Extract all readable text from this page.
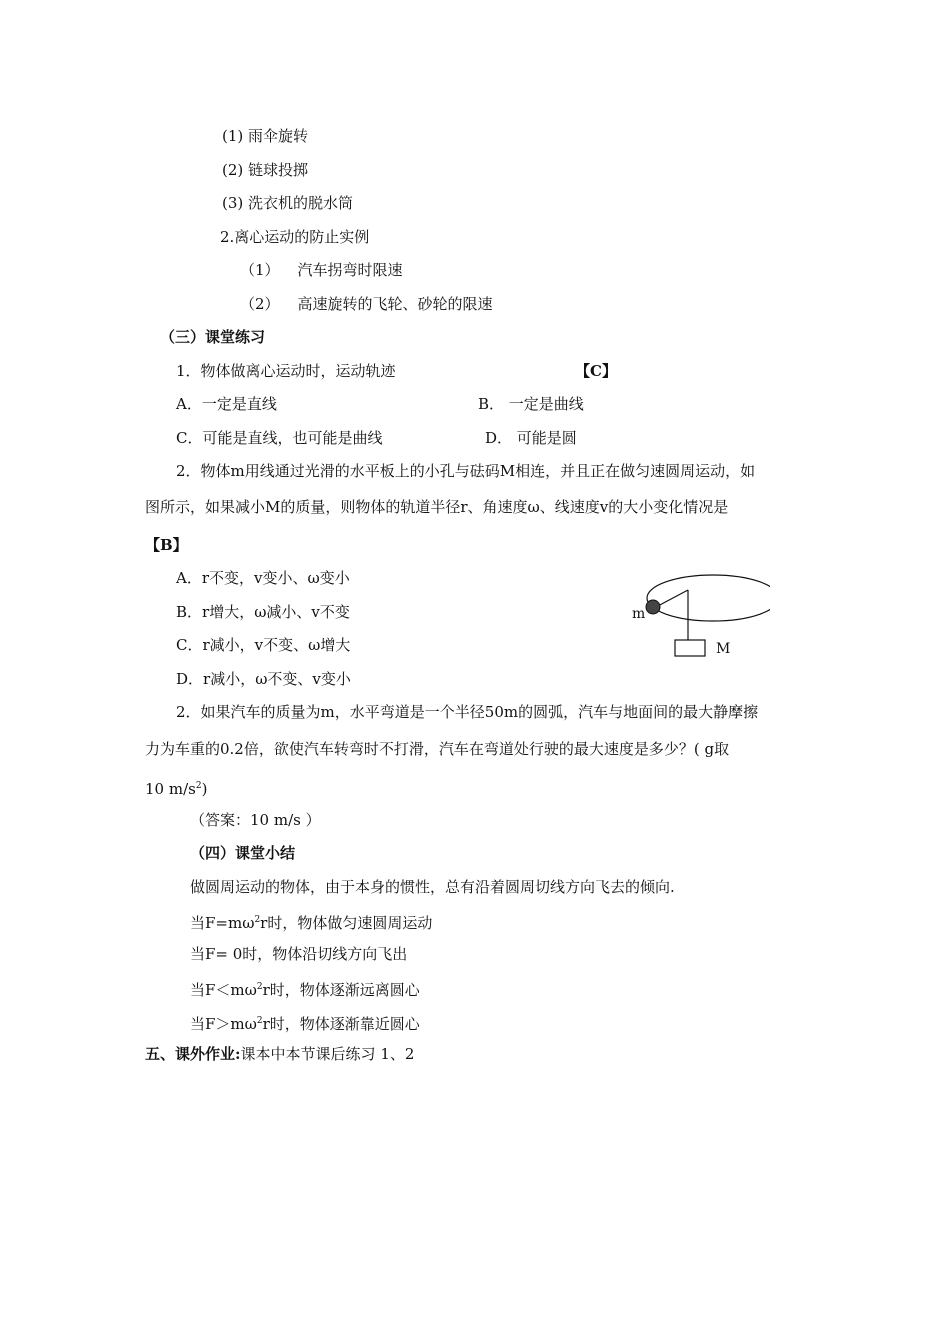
(1) 雨伞旋转
(2) 链球投掷
(3) 洗衣机的脱水筒
2.离心运动的防止实例
（1） 汽车拐弯时限速
（2） 高速旋转的飞轮、砂轮的限速
（三）课堂练习
1．物体做离心运动时，运动轨迹	【C】
A．一定是直线	B． 一定是曲线
C．可能是直线，也可能是曲线	D． 可能是圆
2．物体m用线通过光滑的水平板上的小孔与砝码M相连，并且正在做匀速圆周运动，如
图所示，如果减小M的质量，则物体的轨道半径r、角速度ω、线速度v的大小变化情况是
【B】
A．r不变，v变小、ω变小
B．r增大，ω减小、v不变
C．r减小，v不变、ω增大
D．r减小，ω不变、v变小
m
M
2．如果汽车的质量为m，水平弯道是一个半径50m的圆弧，汽车与地面间的最大静摩擦
力为车重的0.2倍，欲使汽车转弯时不打滑，汽车在弯道处行驶的最大速度是多少？( g取
10 $m/s^2$)
（答案：10 m/s ）
（四）课堂小结
做圆周运动的物体，由于本身的惯性，总有沿着圆周切线方向飞去的倾向.
当$F=m\omega^2r$时，物体做匀速圆周运动
当F= 0时，物体沿切线方向飞出
当$F<m\omega^2r$时，物体逐渐远离圆心
当$F>m\omega^2r$时，物体逐渐靠近圆心
五、课外作业:课本中本节课后练习 1、2
